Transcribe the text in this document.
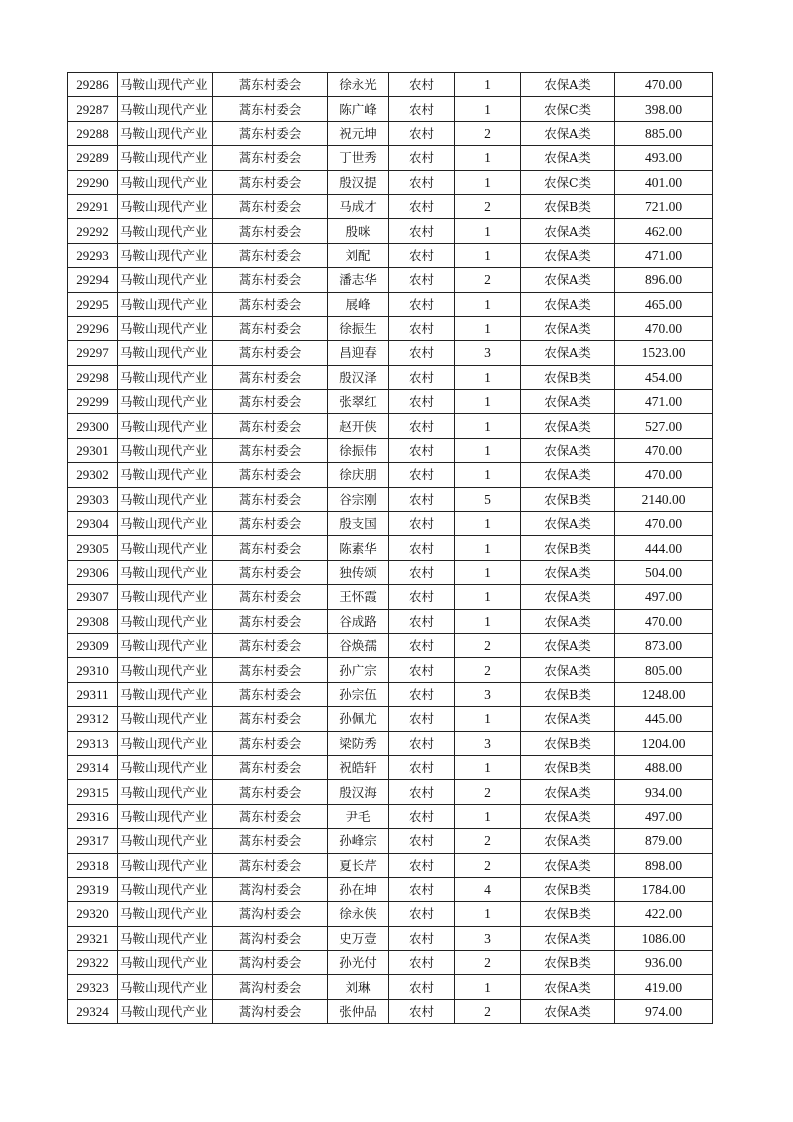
29286	马鞍山现代产业	蒿东村委会	徐永光	农村	1	农保A类	470.00
29287	马鞍山现代产业	蒿东村委会	陈广峰	农村	1	农保C类	398.00
29288	马鞍山现代产业	蒿东村委会	祝元坤	农村	2	农保A类	885.00
29289	马鞍山现代产业	蒿东村委会	丁世秀	农村	1	农保A类	493.00
29290	马鞍山现代产业	蒿东村委会	殷汉提	农村	1	农保C类	401.00
29291	马鞍山现代产业	蒿东村委会	马成才	农村	2	农保B类	721.00
29292	马鞍山现代产业	蒿东村委会	殷咪	农村	1	农保A类	462.00
29293	马鞍山现代产业	蒿东村委会	刘配	农村	1	农保A类	471.00
29294	马鞍山现代产业	蒿东村委会	潘志华	农村	2	农保A类	896.00
29295	马鞍山现代产业	蒿东村委会	展峰	农村	1	农保A类	465.00
29296	马鞍山现代产业	蒿东村委会	徐振生	农村	1	农保A类	470.00
29297	马鞍山现代产业	蒿东村委会	昌迎春	农村	3	农保A类	1523.00
29298	马鞍山现代产业	蒿东村委会	殷汉泽	农村	1	农保B类	454.00
29299	马鞍山现代产业	蒿东村委会	张翠红	农村	1	农保A类	471.00
29300	马鞍山现代产业	蒿东村委会	赵开侠	农村	1	农保A类	527.00
29301	马鞍山现代产业	蒿东村委会	徐振伟	农村	1	农保A类	470.00
29302	马鞍山现代产业	蒿东村委会	徐庆朋	农村	1	农保A类	470.00
29303	马鞍山现代产业	蒿东村委会	谷宗刚	农村	5	农保B类	2140.00
29304	马鞍山现代产业	蒿东村委会	殷支国	农村	1	农保A类	470.00
29305	马鞍山现代产业	蒿东村委会	陈素华	农村	1	农保B类	444.00
29306	马鞍山现代产业	蒿东村委会	独传颂	农村	1	农保A类	504.00
29307	马鞍山现代产业	蒿东村委会	王怀霞	农村	1	农保A类	497.00
29308	马鞍山现代产业	蒿东村委会	谷成路	农村	1	农保A类	470.00
29309	马鞍山现代产业	蒿东村委会	谷焕孺	农村	2	农保A类	873.00
29310	马鞍山现代产业	蒿东村委会	孙广宗	农村	2	农保A类	805.00
29311	马鞍山现代产业	蒿东村委会	孙宗伍	农村	3	农保B类	1248.00
29312	马鞍山现代产业	蒿东村委会	孙佩尤	农村	1	农保A类	445.00
29313	马鞍山现代产业	蒿东村委会	梁防秀	农村	3	农保B类	1204.00
29314	马鞍山现代产业	蒿东村委会	祝皓轩	农村	1	农保B类	488.00
29315	马鞍山现代产业	蒿东村委会	殷汉海	农村	2	农保A类	934.00
29316	马鞍山现代产业	蒿东村委会	尹毛	农村	1	农保A类	497.00
29317	马鞍山现代产业	蒿东村委会	孙峰宗	农村	2	农保A类	879.00
29318	马鞍山现代产业	蒿东村委会	夏长芹	农村	2	农保A类	898.00
29319	马鞍山现代产业	蒿沟村委会	孙在坤	农村	4	农保B类	1784.00
29320	马鞍山现代产业	蒿沟村委会	徐永侠	农村	1	农保B类	422.00
29321	马鞍山现代产业	蒿沟村委会	史万壹	农村	3	农保A类	1086.00
29322	马鞍山现代产业	蒿沟村委会	孙光付	农村	2	农保B类	936.00
29323	马鞍山现代产业	蒿沟村委会	刘琳	农村	1	农保A类	419.00
29324	马鞍山现代产业	蒿沟村委会	张仲品	农村	2	农保A类	974.00
